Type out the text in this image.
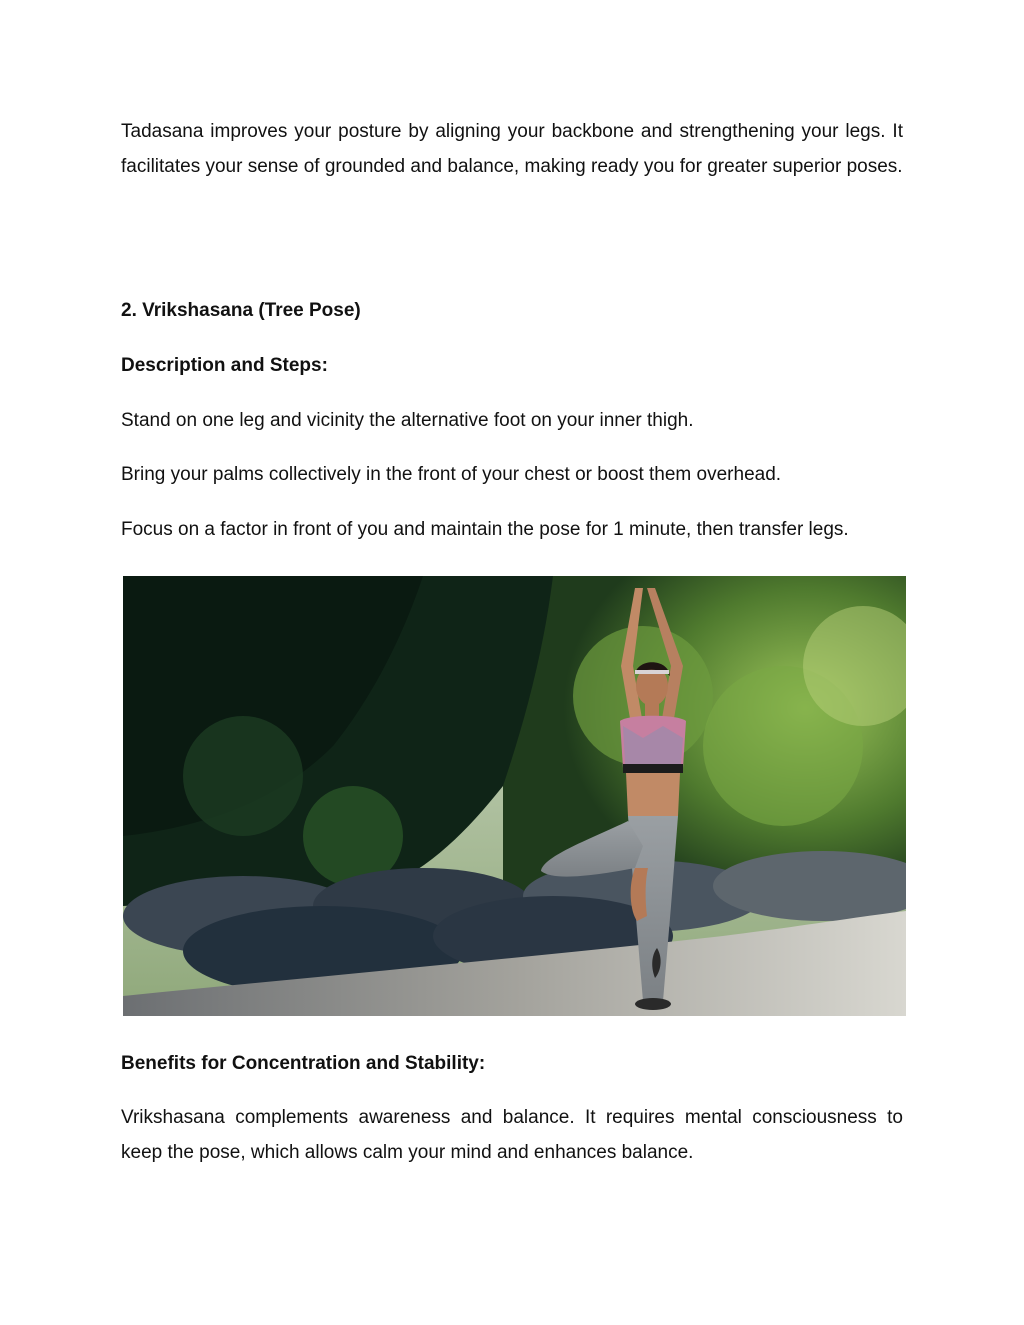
Tadasana improves your posture by aligning your backbone and strengthening your legs. It facilitates your sense of grounded and balance, making ready you for greater superior poses.

2. Vrikshasana (Tree Pose)

Description and Steps:

Stand on one leg and vicinity the alternative foot on your inner thigh.

Bring your palms collectively in the front of your chest or boost them overhead.

Focus on a factor in front of you and maintain the pose for 1 minute, then transfer legs.

Benefits for Concentration and Stability:

Vrikshasana complements awareness and balance. It requires mental consciousness to keep the pose, which allows calm your mind and enhances balance.
